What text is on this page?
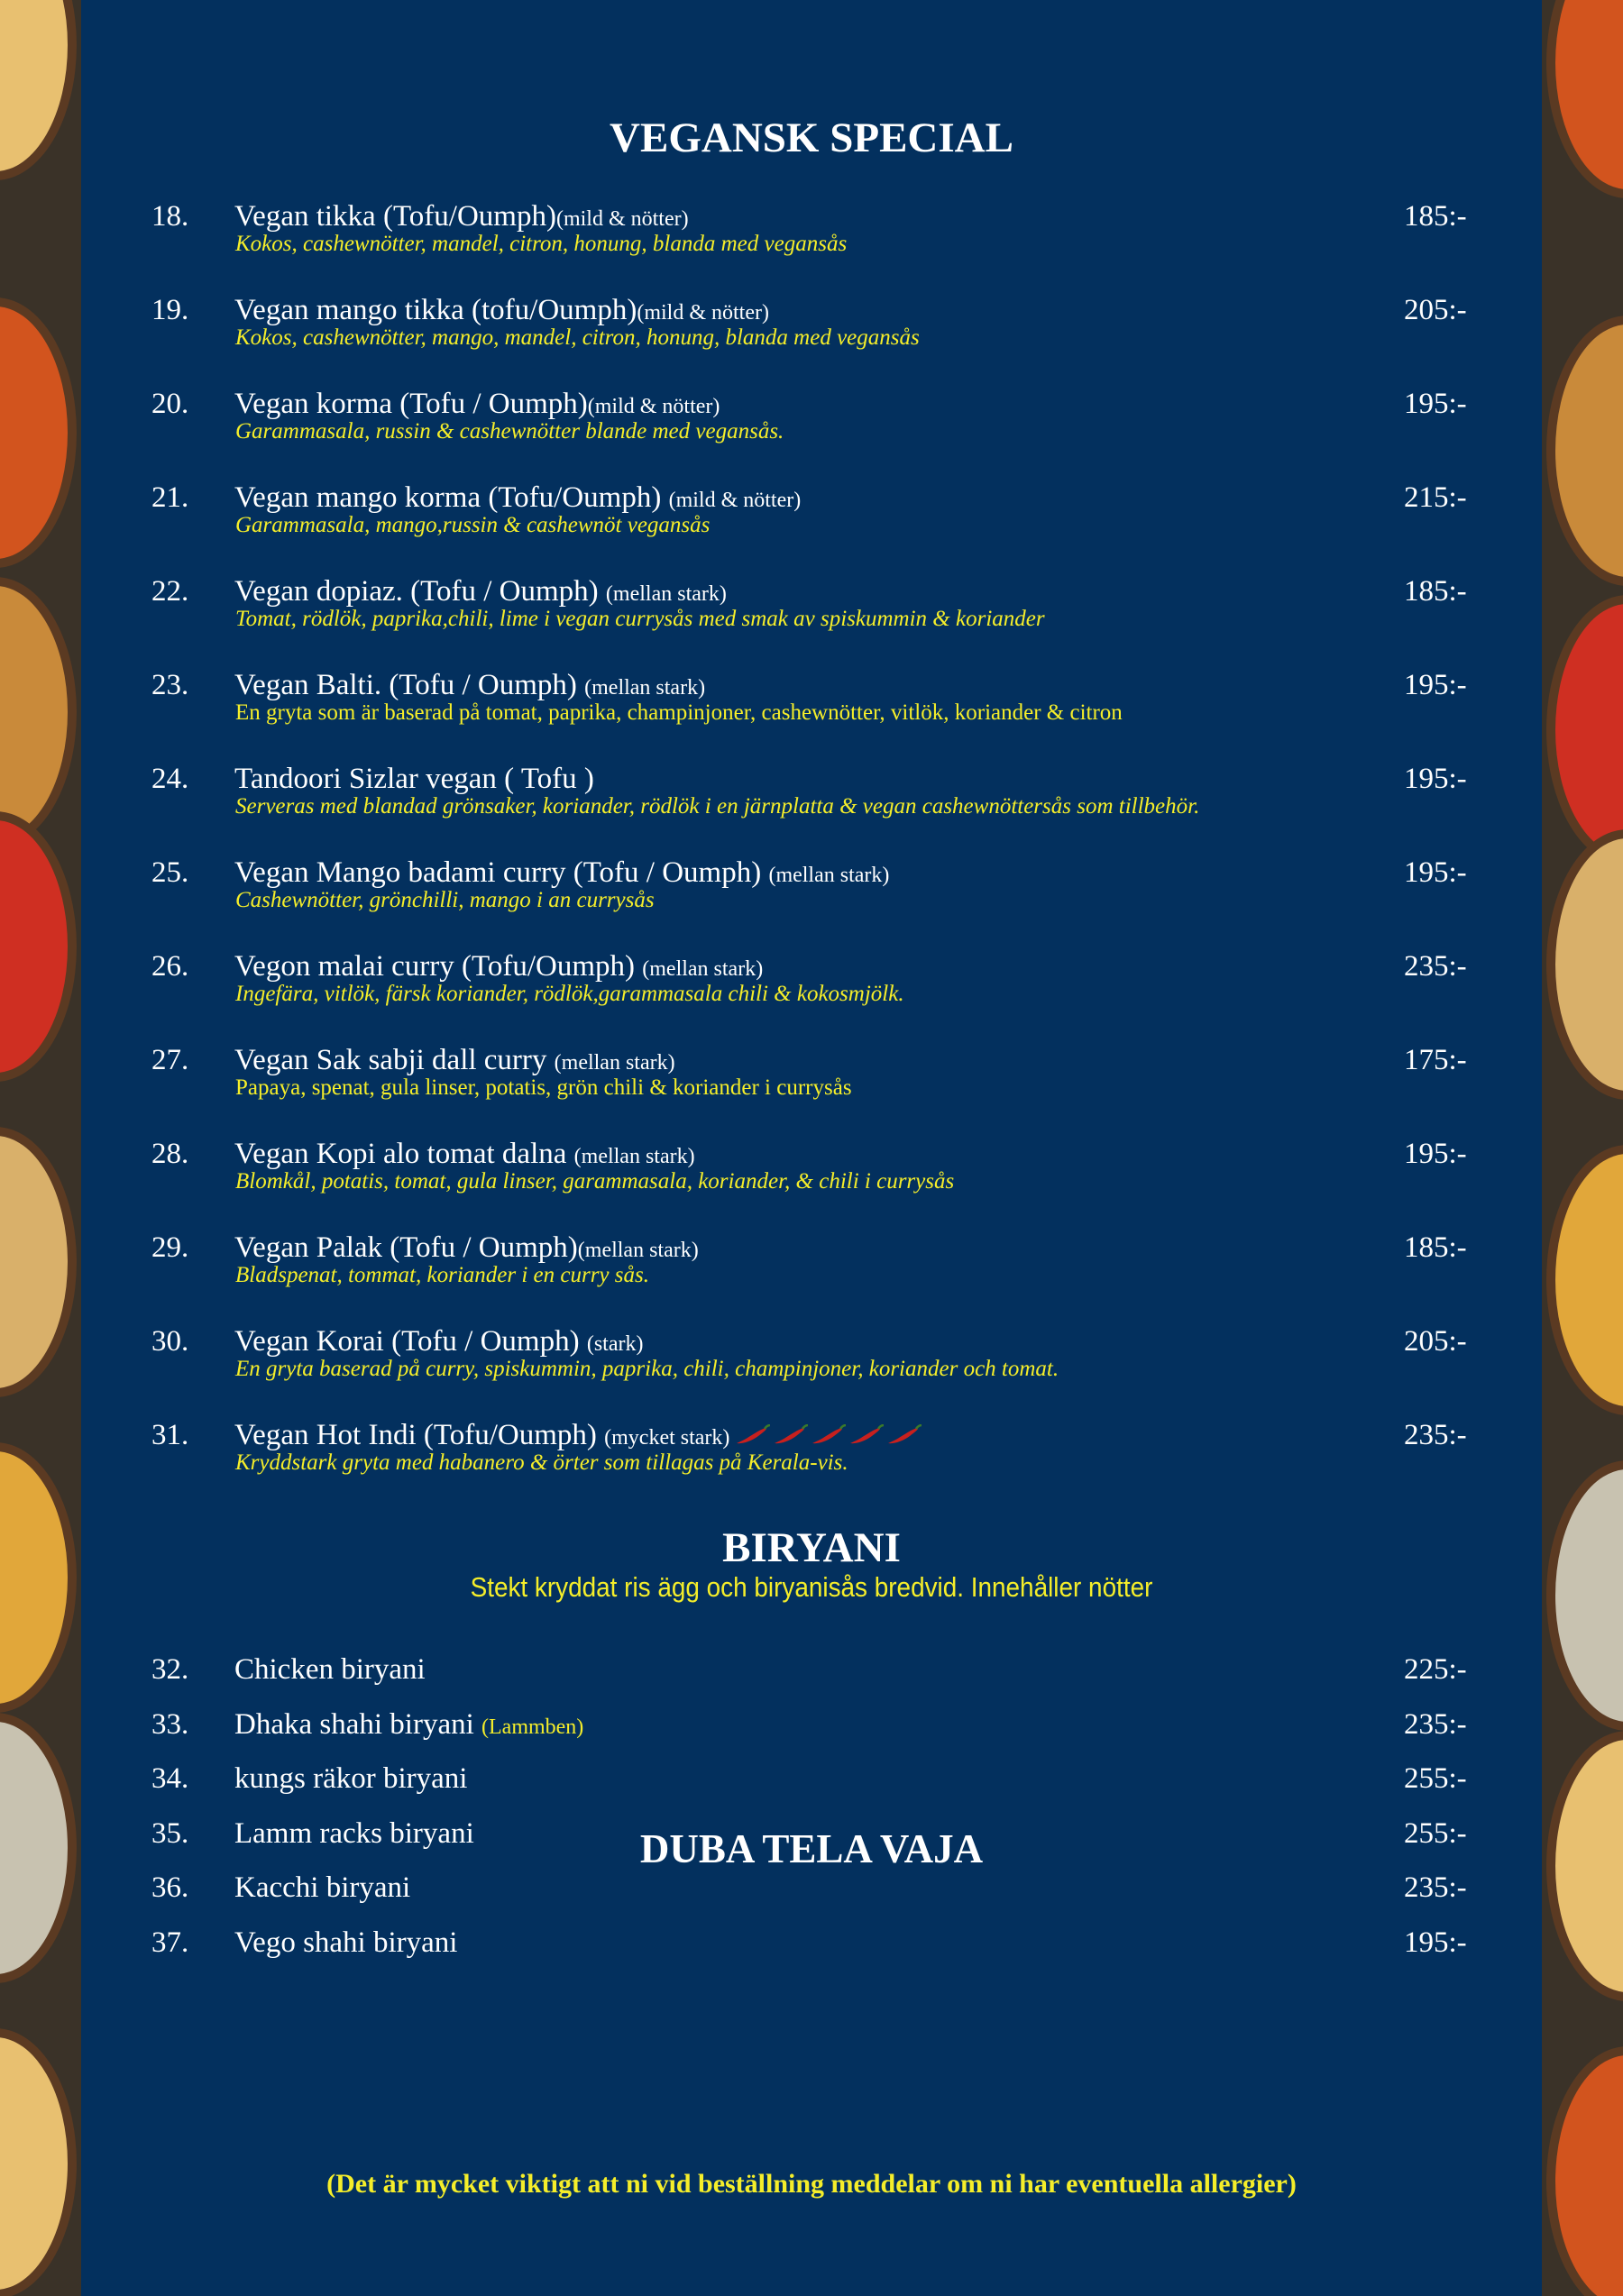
VEGANSK SPECIAL
18. Vegan tikka (Tofu/Oumph)(mild & nötter)
Kokos, cashewnötter, mandel, citron, honung, blanda med vegansås
185:-
19. Vegan mango tikka (tofu/Oumph)(mild & nötter)
Kokos, cashewnötter, mango, mandel, citron, honung, blanda med vegansås
205:-
20. Vegan korma (Tofu / Oumph)(mild & nötter)
Garammasala, russin & cashewnötter blande med vegansås.
195:-
21. Vegan mango korma (Tofu/Oumph) (mild & nötter)
Garammasala, mango,russin & cashewnöt vegansås
215:-
22. Vegan dopiaz. (Tofu / Oumph) (mellan stark)
Tomat, rödlök, paprika,chili, lime i vegan currysås med smak av spiskummin & koriander
185:-
23. Vegan Balti. (Tofu / Oumph) (mellan stark)
En gryta som är baserad på tomat, paprika, champinjoner, cashewnötter, vitlök, koriander & citron
195:-
24. Tandoori Sizlar vegan ( Tofu )
Serveras med blandad grönsaker, koriander, rödlök i en järnplatta & vegan cashewnöttersås som tillbehör.
195:-
25. Vegan Mango badami curry (Tofu / Oumph) (mellan stark)
Cashewnötter, grönchilli, mango i an currysås
195:-
26. Vegon malai curry (Tofu/Oumph) (mellan stark)
Ingefära, vitlök, färsk koriander, rödlök,garammasala chili & kokosmjölk.
235:-
27. Vegan Sak sabji dall curry (mellan stark)
Papaya, spenat, gula linser, potatis, grön chili & koriander i currysås
175:-
28. Vegan Kopi alo tomat dalna (mellan stark)
Blomkål, potatis, tomat, gula linser, garammasala, koriander, & chili i currysås
195:-
29. Vegan Palak (Tofu / Oumph)(mellan stark)
Bladspenat, tommat, koriander i en curry sås.
185:-
30. Vegan Korai (Tofu / Oumph) (stark)
En gryta baserad på curry, spiskummin, paprika, chili, champinjoner, koriander och tomat.
205:-
31. Vegan Hot Indi (Tofu/Oumph) (mycket stark)
Kryddstark gryta med habanero & örter som tillagas på Kerala-vis.
235:-
BIRYANI
Stekt kryddat ris ägg och biryanisås bredvid. Innehåller nötter
32. Chicken biryani	225:-
33. Dhaka shahi biryani (Lammben)	235:-
34. kungs räkor biryani	255:-
35. Lamm racks biryani	255:-
36. Kacchi biryani	235:-
37. Vego shahi biryani	195:-
DUBA TELA VAJA
(Det är mycket viktigt att ni vid beställning meddelar om ni har eventuella allergier)
